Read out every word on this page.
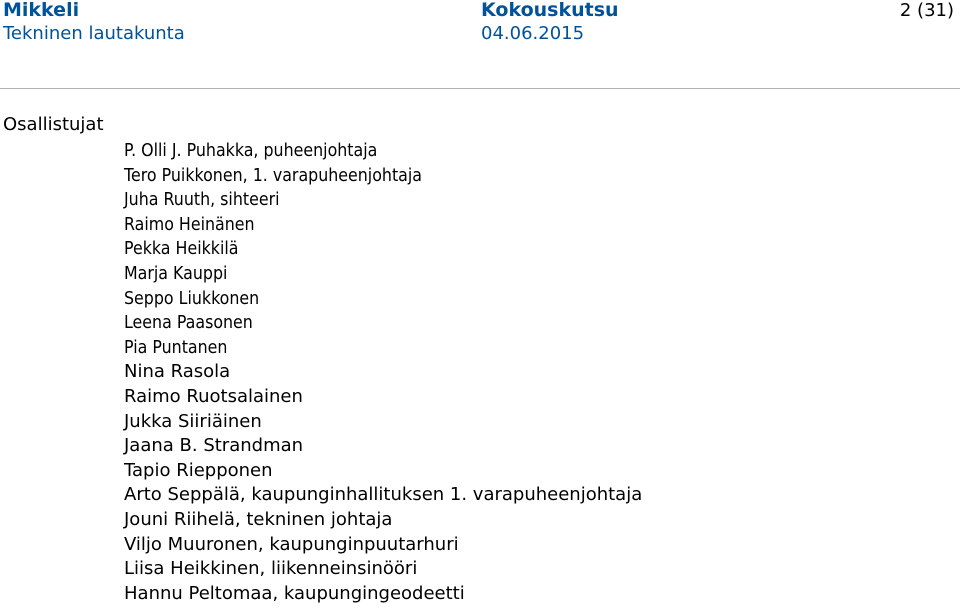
Mikkeli
Tekninen lautakunta
Kokouskutsu
04.06.2015
2 (31)
Osallistujat
P. Olli J. Puhakka, puheenjohtaja
Tero Puikkonen, 1. varapuheenjohtaja
Juha Ruuth, sihteeri
Raimo Heinänen
Pekka Heikkilä
Marja Kauppi
Seppo Liukkonen
Leena Paasonen
Pia Puntanen
Nina Rasola
Raimo Ruotsalainen
Jukka Siiriäinen
Jaana B. Strandman
Tapio Riepponen
Arto Seppälä, kaupunginhallituksen 1. varapuheenjohtaja
Jouni Riihelä, tekninen johtaja
Viljo Muuronen, kaupunginpuutarhuri
Liisa Heikkinen, liikenneinsinööri
Hannu Peltomaa, kaupungingeodeetti
